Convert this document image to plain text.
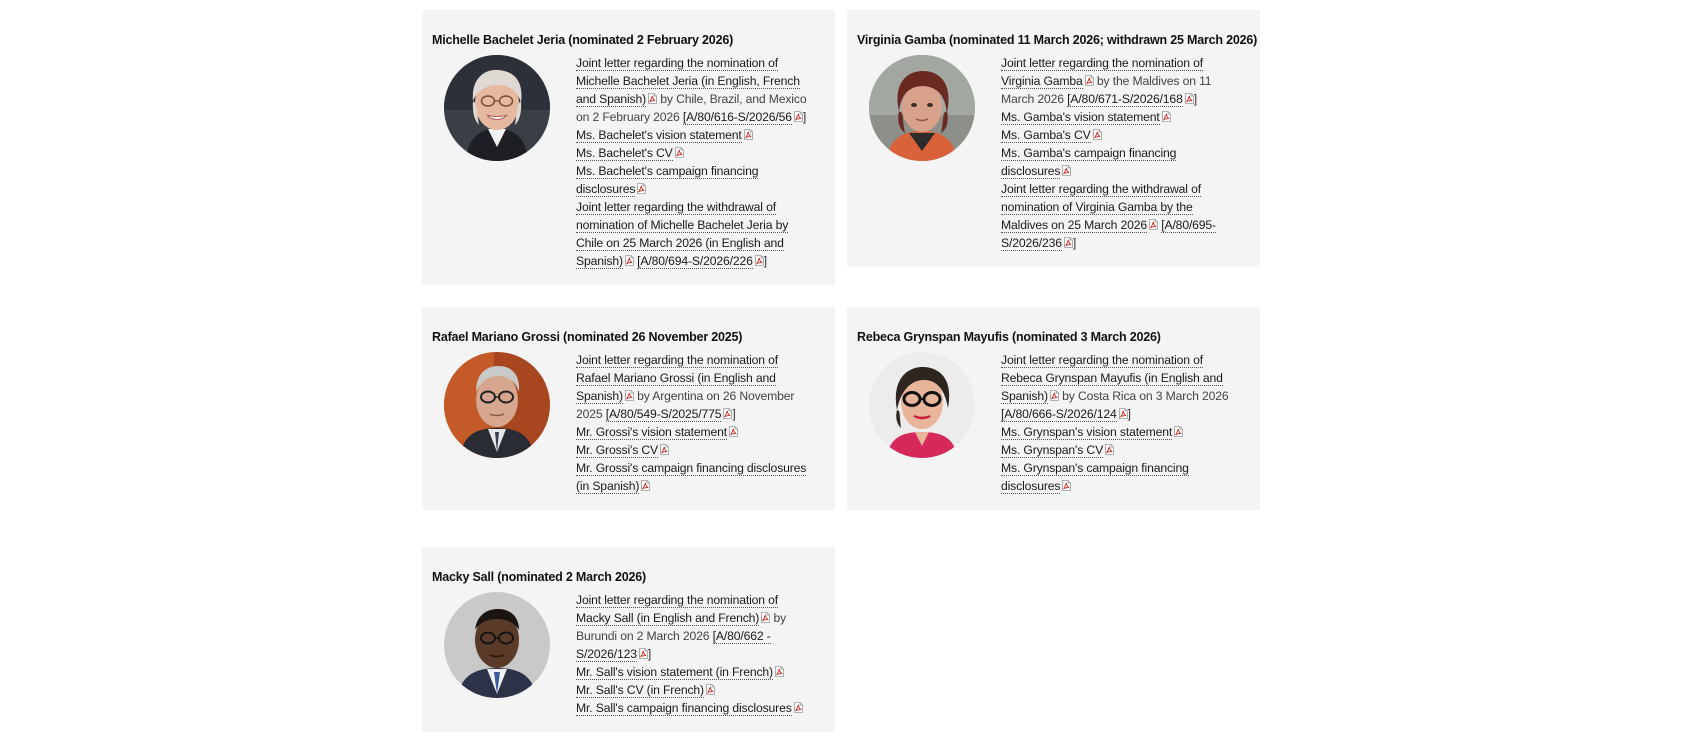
Michelle Bachelet Jeria (nominated 2 February 2026)
Joint letter regarding the nomination of Michelle Bachelet Jeria (in English, French and Spanish) by Chile, Brazil, and Mexico on 2 February 2026 [A/80/616-S/2026/56 ]
Ms. Bachelet's vision statement
Ms. Bachelet's CV
Ms. Bachelet's campaign financing disclosures
Joint letter regarding the withdrawal of nomination of Michelle Bachelet Jeria by Chile on 25 March 2026 (in English and Spanish) [A/80/694-S/2026/226 ]
Virginia Gamba (nominated 11 March 2026; withdrawn 25 March 2026)
Joint letter regarding the nomination of Virginia Gamba by the Maldives on 11 March 2026 [A/80/671-S/2026/168 ]
Ms. Gamba's vision statement
Ms. Gamba's CV
Ms. Gamba's campaign financing disclosures
Joint letter regarding the withdrawal of nomination of Virginia Gamba by the Maldives on 25 March 2026 [A/80/695-S/2026/236 ]
Rafael Mariano Grossi (nominated 26 November 2025)
Joint letter regarding the nomination of Rafael Mariano Grossi (in English and Spanish) by Argentina on 26 November 2025 [A/80/549-S/2025/775 ]
Mr. Grossi's vision statement
Mr. Grossi's CV
Mr. Grossi's campaign financing disclosures (in Spanish)
Rebeca Grynspan Mayufis (nominated 3 March 2026)
Joint letter regarding the nomination of Rebeca Grynspan Mayufis (in English and Spanish) by Costa Rica on 3 March 2026 [A/80/666-S/2026/124 ]
Ms. Grynspan's vision statement
Ms. Grynspan's CV
Ms. Grynspan's campaign financing disclosures
Macky Sall (nominated 2 March 2026)
Joint letter regarding the nomination of Macky Sall (in English and French) by Burundi on 2 March 2026 [A/80/662 -S/2026/123 ]
Mr. Sall's vision statement (in French)
Mr. Sall's CV (in French)
Mr. Sall's campaign financing disclosures
